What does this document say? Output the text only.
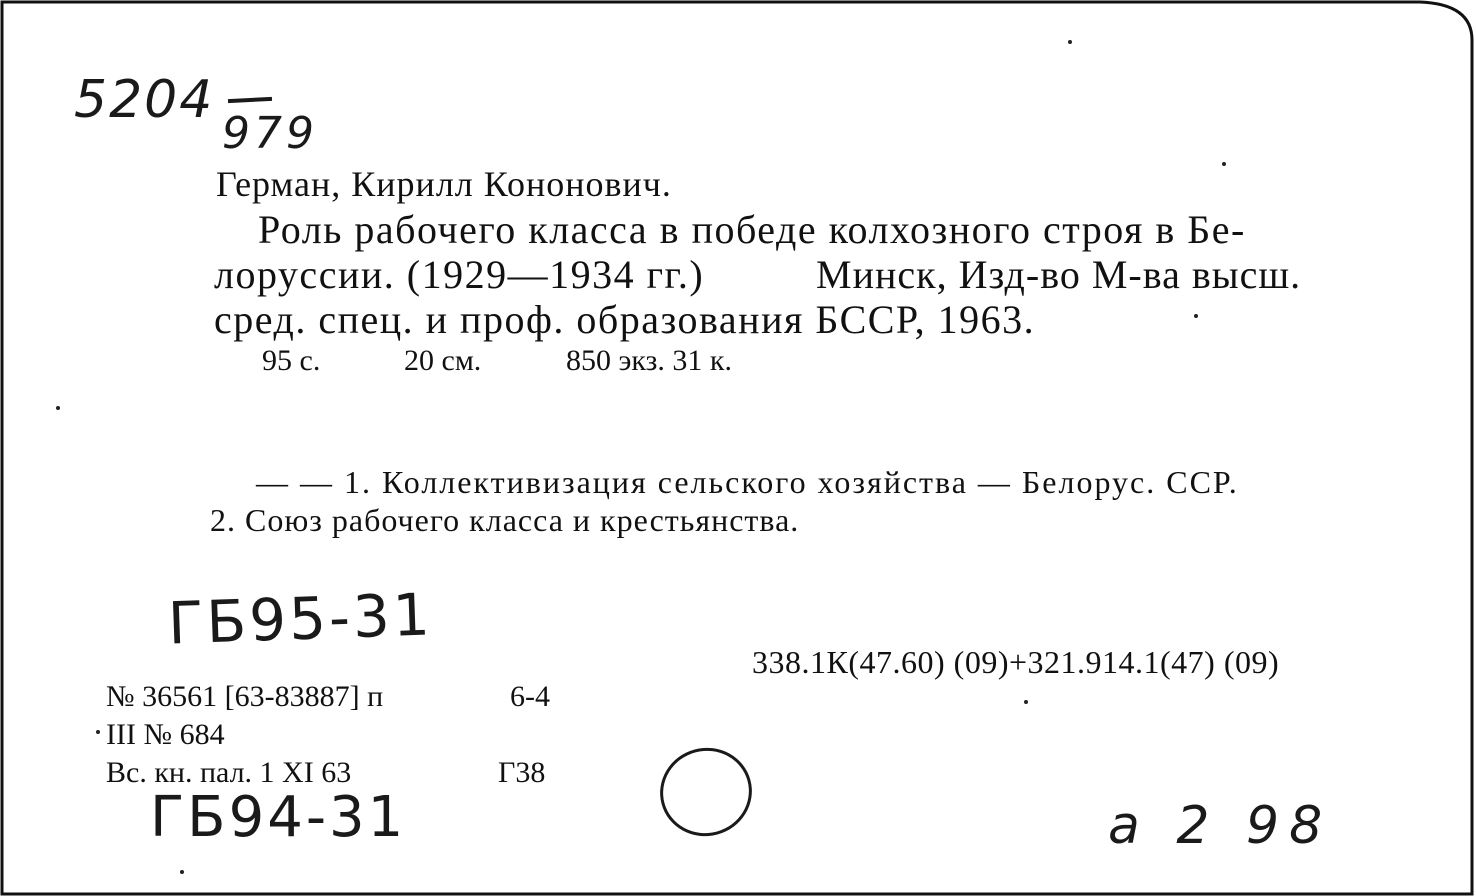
5204
979
Герман, Кирилл Кононович.
Роль рабочего класса в победе колхозного строя в Бе-
лоруссии. (1929—1934 гг.)	Минск, Изд-во М-ва высш.
сред. спец. и проф. образования БССР, 1963.
95 с.	20 см.	850 экз. 31 к.
— — 1. Коллективизация сельского хозяйства — Белорус. ССР.
2. Союз рабочего класса и крестьянства.
ГБ95-31
338.1К(47.60) (09)+321.914.1(47) (09)
№ 36561 [63-83887] п	6-4
III № 684
Вс. кн. пал. 1 XI 63	Г38
ГБ94-31	a 2 98
